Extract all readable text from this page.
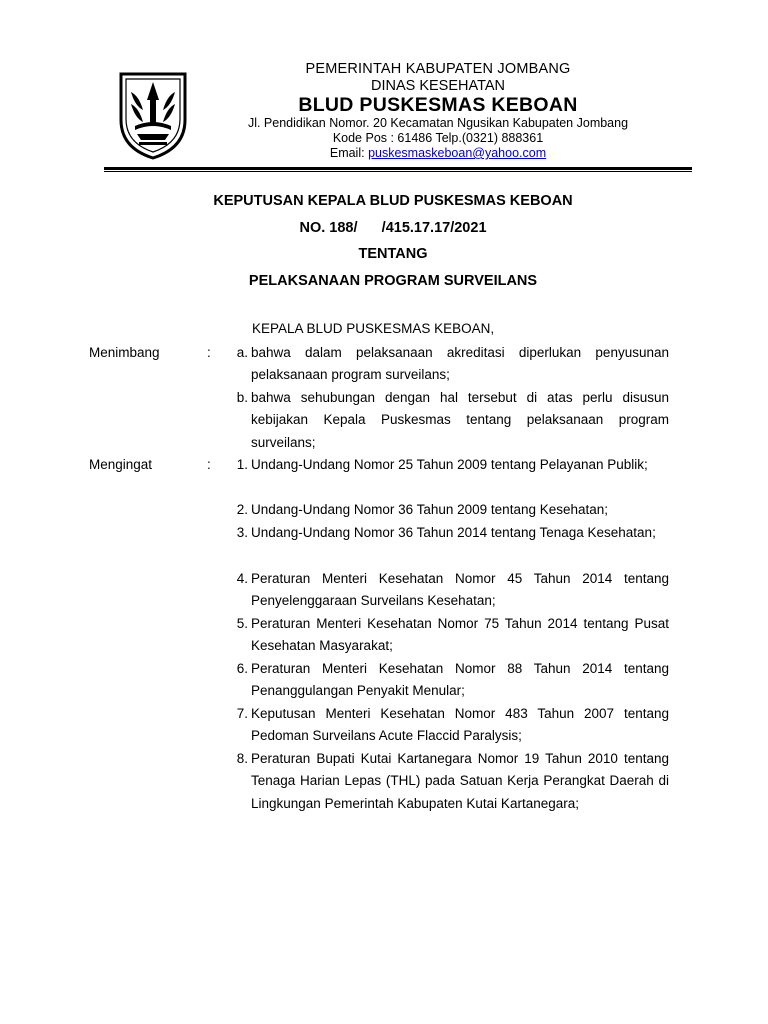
PEMERINTAH KABUPATEN JOMBANG
DINAS KESEHATAN
BLUD PUSKESMAS KEBOAN
Jl. Pendidikan Nomor. 20 Kecamatan Ngusikan Kabupaten Jombang
Kode Pos : 61486 Telp.(0321) 888361
Email: puskesmaskeboan@yahoo.com
KEPUTUSAN KEPALA BLUD PUSKESMAS KEBOAN
NO. 188/      /415.17.17/2021
TENTANG
PELAKSANAAN PROGRAM SURVEILANS
KEPALA BLUD PUSKESMAS KEBOAN,
Menimbang	:	a. bahwa dalam pelaksanaan akreditasi diperlukan penyusunan pelaksanaan program surveilans;
b. bahwa sehubungan dengan hal tersebut di atas perlu disusun kebijakan Kepala Puskesmas tentang pelaksanaan program surveilans;
Mengingat	:	1. Undang-Undang Nomor 25 Tahun 2009 tentang Pelayanan Publik;
2. Undang-Undang Nomor 36 Tahun 2009 tentang Kesehatan;
3. Undang-Undang Nomor 36 Tahun 2014 tentang Tenaga Kesehatan;
4. Peraturan Menteri Kesehatan Nomor 45 Tahun 2014 tentang Penyelenggaraan Surveilans Kesehatan;
5. Peraturan Menteri Kesehatan Nomor 75 Tahun 2014 tentang Pusat Kesehatan Masyarakat;
6. Peraturan Menteri Kesehatan Nomor 88 Tahun 2014 tentang Penanggulangan Penyakit Menular;
7. Keputusan Menteri Kesehatan Nomor 483 Tahun 2007 tentang Pedoman Surveilans Acute Flaccid Paralysis;
8. Peraturan Bupati Kutai Kartanegara Nomor 19 Tahun 2010 tentang Tenaga Harian Lepas (THL) pada Satuan Kerja Perangkat Daerah di Lingkungan Pemerintah Kabupaten Kutai Kartanegara;
